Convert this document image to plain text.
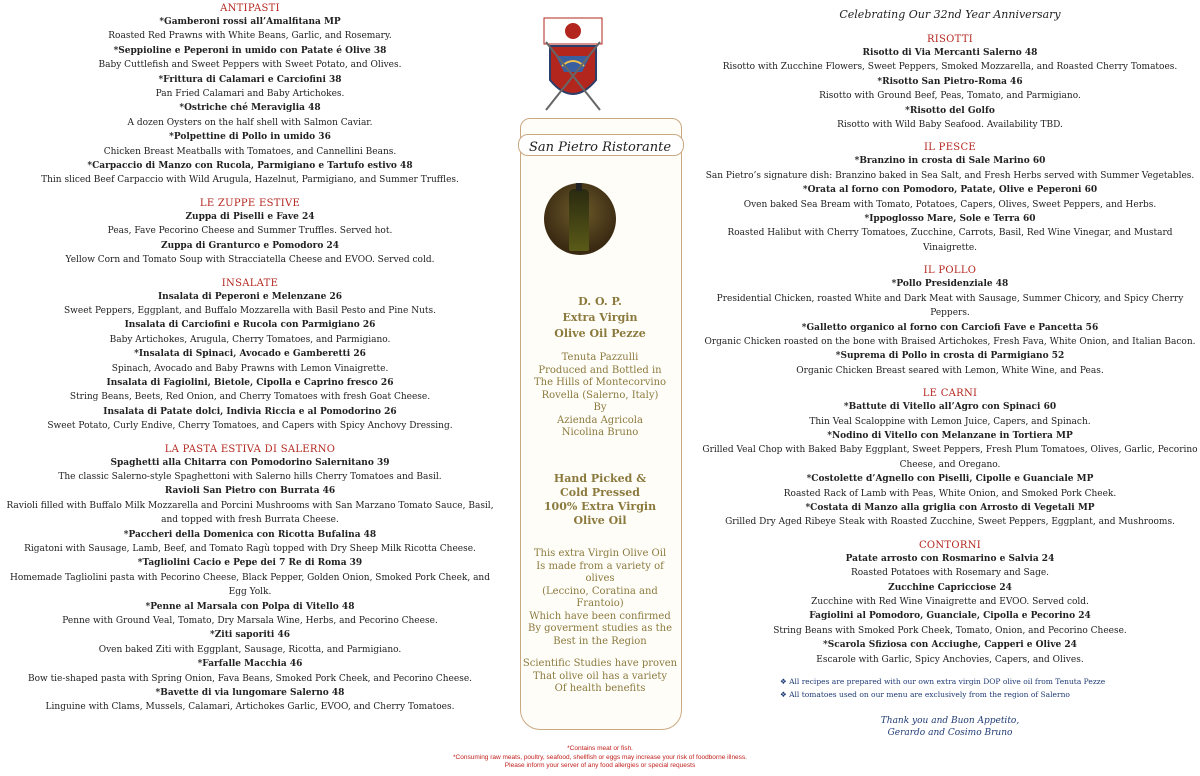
ANTIPASTI
*Gamberoni rossi all’Amalfitana MP
Roasted Red Prawns with White Beans, Garlic, and Rosemary.
*Seppioline e Peperoni in umido con Patate é Olive 38
Baby Cuttlefish and Sweet Peppers with Sweet Potato, and Olives.
*Frittura di Calamari e Carciofini 38
Pan Fried Calamari and Baby Artichokes.
*Ostriche ché Meraviglia 48
A dozen Oysters on the half shell with Salmon Caviar.
*Polpettine di Pollo in umido 36
Chicken Breast Meatballs with Tomatoes, and Cannellini Beans.
*Carpaccio di Manzo con Rucola, Parmigiano e Tartufo estivo 48
Thin sliced Beef Carpaccio with Wild Arugula, Hazelnut, Parmigiano, and Summer Truffles.
LE ZUPPE ESTIVE
Zuppa di Piselli e Fave 24
Peas, Fave Pecorino Cheese and Summer Truffles. Served hot.
Zuppa di Granturco e Pomodoro 24
Yellow Corn and Tomato Soup with Stracciatella Cheese and EVOO. Served cold.
INSALATE
Insalata di Peperoni e Melenzane 26
Sweet Peppers, Eggplant, and Buffalo Mozzarella with Basil Pesto and Pine Nuts.
Insalata di Carciofini e Rucola con Parmigiano 26
Baby Artichokes, Arugula, Cherry Tomatoes, and Parmigiano.
*Insalata di Spinaci, Avocado e Gamberetti 26
Spinach, Avocado and Baby Prawns with Lemon Vinaigrette.
Insalata di Fagiolini, Bietole, Cipolla e Caprino fresco 26
String Beans, Beets, Red Onion, and Cherry Tomatoes with fresh Goat Cheese.
Insalata di Patate dolci, Indivia Riccia e al Pomodorino 26
Sweet Potato, Curly Endive, Cherry Tomatoes, and Capers with Spicy Anchovy Dressing.
LA PASTA ESTIVA DI SALERNO
Spaghetti alla Chitarra con Pomodorino Salernitano 39
The classic Salerno-style Spaghettoni with Salerno hills Cherry Tomatoes and Basil.
Ravioli San Pietro con Burrata 46
Ravioli filled with Buffalo Milk Mozzarella and Porcini Mushrooms with San Marzano Tomato Sauce, Basil, and topped with fresh Burrata Cheese.
*Paccheri della Domenica con Ricotta Bufalina 48
Rigatoni with Sausage, Lamb, Beef, and Tomato Ragù topped with Dry Sheep Milk Ricotta Cheese.
*Tagliolini Cacio e Pepe dei 7 Re di Roma 39
Homemade Tagliolini pasta with Pecorino Cheese, Black Pepper, Golden Onion, Smoked Pork Cheek, and Egg Yolk.
*Penne al Marsala con Polpa di Vitello 48
Penne with Ground Veal, Tomato, Dry Marsala Wine, Herbs, and Pecorino Cheese.
*Ziti saporiti 46
Oven baked Ziti with Eggplant, Sausage, Ricotta, and Parmigiano.
*Farfalle Macchia 46
Bow tie-shaped pasta with Spring Onion, Fava Beans, Smoked Pork Cheek, and Pecorino Cheese.
*Bavette di via lungomare Salerno 48
Linguine with Clams, Mussels, Calamari, Artichokes Garlic, EVOO, and Cherry Tomatoes.
San Pietro Ristorante
D. O. P.
Extra Virgin
Olive Oil Pezze
Tenuta Pazzulli
Produced and Bottled in
The Hills of Montecorvino
Rovella (Salerno, Italy)
By
Azienda Agricola
Nicolina Bruno
Hand Picked &
Cold Pressed
100% Extra Virgin
Olive Oil
This extra Virgin Olive Oil
Is made from a variety of olives
(Leccino, Coratina and
Frantoio)
Which have been confirmed
By goverment studies as the
Best in the Region
Scientific Studies have proven
That olive oil has a variety
Of health benefits
Celebrating Our 32nd Year Anniversary
RISOTTI
Risotto di Via Mercanti Salerno 48
Risotto with Zucchine Flowers, Sweet Peppers, Smoked Mozzarella, and Roasted Cherry Tomatoes.
*Risotto San Pietro-Roma 46
Risotto with Ground Beef, Peas, Tomato, and Parmigiano.
*Risotto del Golfo
Risotto with Wild Baby Seafood. Availability TBD.
IL PESCE
*Branzino in crosta di Sale Marino 60
San Pietro’s signature dish: Branzino baked in Sea Salt, and Fresh Herbs served with Summer Vegetables.
*Orata al forno con Pomodoro, Patate, Olive e Peperoni 60
Oven baked Sea Bream with Tomato, Potatoes, Capers, Olives, Sweet Peppers, and Herbs.
*Ippoglosso Mare, Sole e Terra 60
Roasted Halibut with Cherry Tomatoes, Zucchine, Carrots, Basil, Red Wine Vinegar, and Mustard Vinaigrette.
IL POLLO
*Pollo Presidenziale 48
Presidential Chicken, roasted White and Dark Meat with Sausage, Summer Chicory, and Spicy Cherry Peppers.
*Galletto organico al forno con Carciofi Fave e Pancetta 56
Organic Chicken roasted on the bone with Braised Artichokes, Fresh Fava, White Onion, and Italian Bacon.
*Suprema di Pollo in crosta di Parmigiano 52
Organic Chicken Breast seared with Lemon, White Wine, and Peas.
LE CARNI
*Battute di Vitello all’Agro con Spinaci 60
Thin Veal Scaloppine with Lemon Juice, Capers, and Spinach.
*Nodino di Vitello con Melanzane in Tortiera MP
Grilled Veal Chop with Baked Baby Eggplant, Sweet Peppers, Fresh Plum Tomatoes, Olives, Garlic, Pecorino Cheese, and Oregano.
*Costolette d’Agnello con Piselli, Cipolle e Guanciale MP
Roasted Rack of Lamb with Peas, White Onion, and Smoked Pork Cheek.
*Costata di Manzo alla griglia con Arrosto di Vegetali MP
Grilled Dry Aged Ribeye Steak with Roasted Zucchine, Sweet Peppers, Eggplant, and Mushrooms.
CONTORNI
Patate arrosto con Rosmarino e Salvia 24
Roasted Potatoes with Rosemary and Sage.
Zucchine Capricciose 24
Zucchine with Red Wine Vinaigrette and EVOO. Served cold.
Fagiolini al Pomodoro, Guanciale, Cipolla e Pecorino 24
String Beans with Smoked Pork Cheek, Tomato, Onion, and Pecorino Cheese.
*Scarola Sfiziosa con Acciughe, Capperi e Olive 24
Escarole with Garlic, Spicy Anchovies, Capers, and Olives.
❖ All recipes are prepared with our own extra virgin DOP olive oil from Tenuta Pezze
❖ All tomatoes used on our menu are exclusively from the region of Salerno
Thank you and Buon Appetito,
Gerardo and Cosimo Bruno
*Contains meat or fish.
*Consuming raw meats, poultry, seafood, shellfish or eggs may increase your risk of foodborne illness.
Please inform your server of any food allergies or special requests
